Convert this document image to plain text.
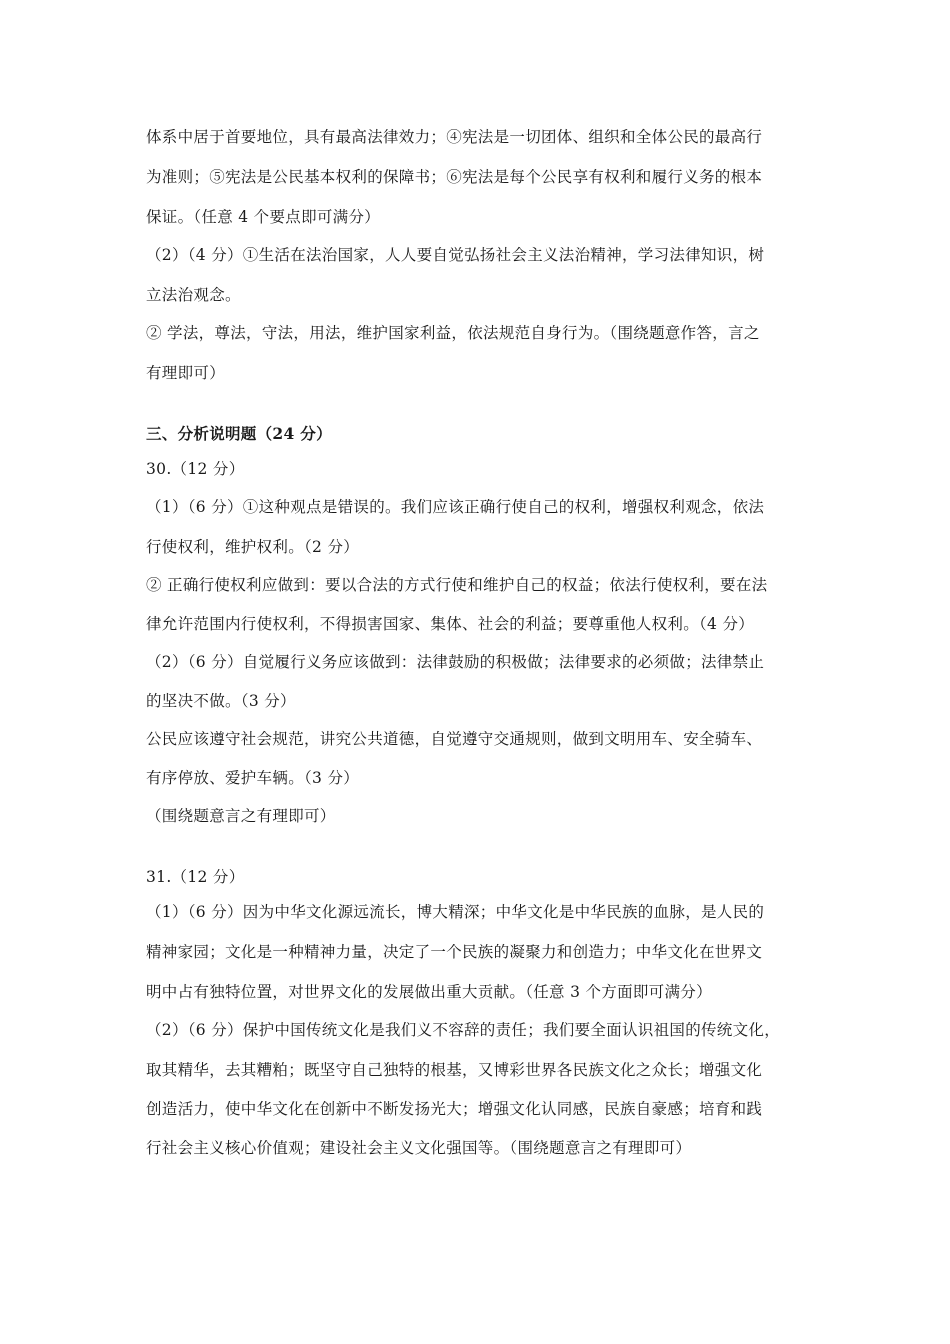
体系中居于首要地位，具有最高法律效力；④宪法是一切团体、组织和全体公民的最高行
为准则；⑤宪法是公民基本权利的保障书；⑥宪法是每个公民享有权利和履行义务的根本
保证。（任意 4 个要点即可满分）
（2）（4 分）①生活在法治国家，人人要自觉弘扬社会主义法治精神，学习法律知识，树
立法治观念。
② 学法，尊法，守法，用法，维护国家利益，依法规范自身行为。（围绕题意作答，言之
有理即可）
三、分析说明题（24 分）
30.（12 分）
（1）（6 分）①这种观点是错误的。我们应该正确行使自己的权利，增强权利观念，依法
行使权利，维护权利。（2 分）
② 正确行使权利应做到：要以合法的方式行使和维护自己的权益；依法行使权利，要在法
律允许范围内行使权利，不得损害国家、集体、社会的利益；要尊重他人权利。（4 分）
（2）（6 分）自觉履行义务应该做到：法律鼓励的积极做；法律要求的必须做；法律禁止
的坚决不做。（3 分）
公民应该遵守社会规范，讲究公共道德，自觉遵守交通规则，做到文明用车、安全骑车、
有序停放、爱护车辆。（3 分）
（围绕题意言之有理即可）
31.（12 分）
（1）（6 分）因为中华文化源远流长，博大精深；中华文化是中华民族的血脉，是人民的
精神家园；文化是一种精神力量，决定了一个民族的凝聚力和创造力；中华文化在世界文
明中占有独特位置，对世界文化的发展做出重大贡献。（任意 3 个方面即可满分）
（2）（6 分）保护中国传统文化是我们义不容辞的责任；我们要全面认识祖国的传统文化，
取其精华，去其糟粕；既坚守自己独特的根基，又博彩世界各民族文化之众长；增强文化
创造活力，使中华文化在创新中不断发扬光大；增强文化认同感，民族自豪感；培育和践
行社会主义核心价值观；建设社会主义文化强国等。（围绕题意言之有理即可）
